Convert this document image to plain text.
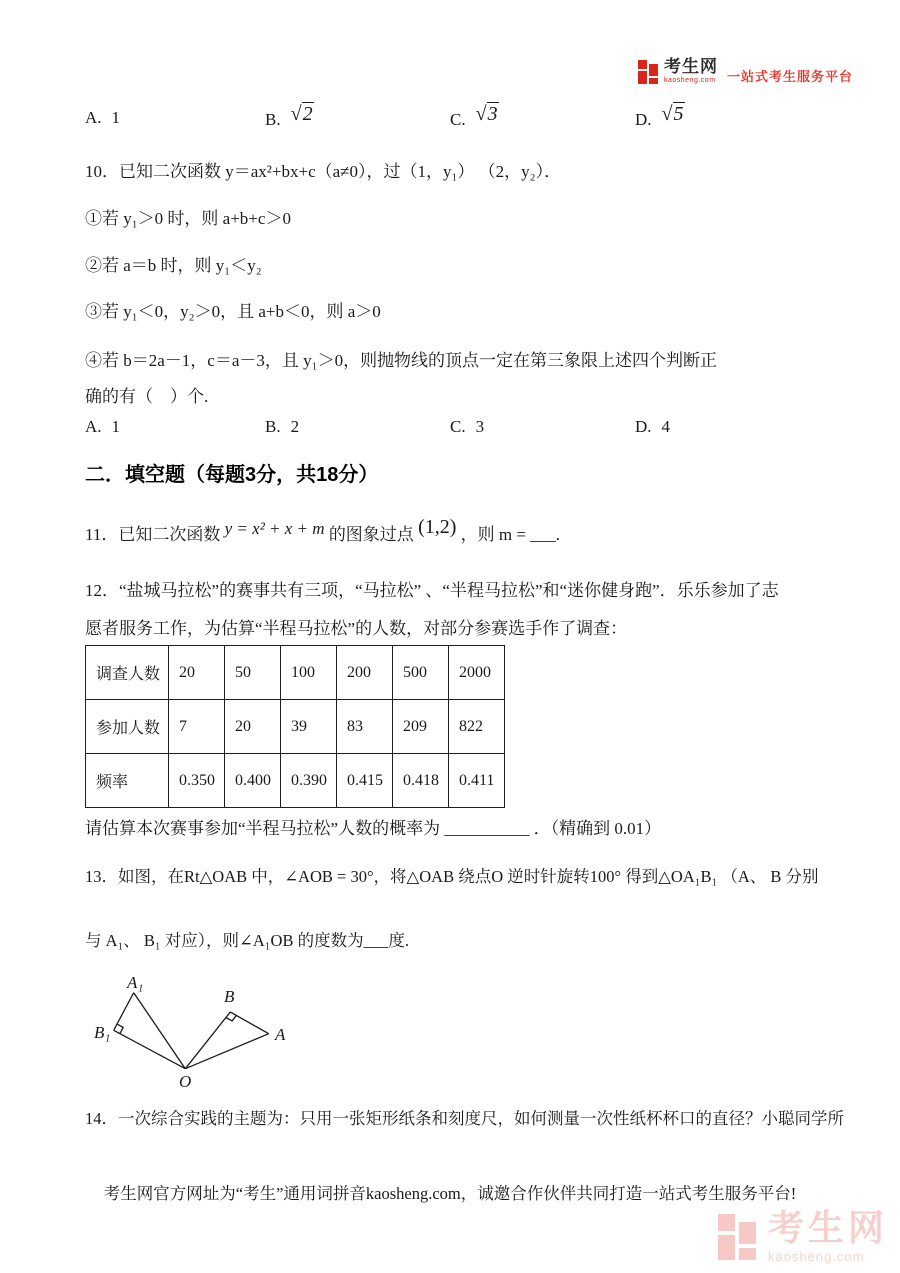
考生网
kaosheng.com 一站式考生服务平台
A. 1	B. √2	C. √3	D. √5
10．已知二次函数 y＝ax²+bx+c（a≠0），过（1，y₁） （2，y₂）．
①若 y₁＞0 时，则 a+b+c＞0
②若 a＝b 时，则 y₁＜y₂
③若 y₁＜0，y₂＞0，且 a+b＜0，则 a＞0
④若 b＝2a－1，c＝a－3，且 y₁＞0，则抛物线的顶点一定在第三象限上述四个判断正
确的有（　）个.
A. 1	B. 2	C. 3	D. 4
二．填空题（每题3分，共18分）
11．已知二次函数 y = x² + x + m 的图象过点 (1,2) ，则 m = ___.
12．“盐城马拉松”的赛事共有三项，“马拉松” 、“半程马拉松”和“迷你健身跑”．乐乐参加了志
愿者服务工作，为估算“半程马拉松”的人数，对部分参赛选手作了调查：
调查人数	20	50	100	200	500	2000
参加人数	7	20	39	83	209	822
频率	0.350	0.400	0.390	0.415	0.418	0.411
请估算本次赛事参加“半程马拉松”人数的概率为 __________ ．（精确到 0.01）
13．如图，在Rt△OAB 中，∠AOB = 30°，将△OAB 绕点O 逆时针旋转100° 得到△OA₁B₁ （A、 B 分别
与 A₁、 B₁ 对应），则∠A₁OB 的度数为___度.
A₁
B
B₁	A
O
14．一次综合实践的主题为：只用一张矩形纸条和刻度尺，如何测量一次性纸杯杯口的直径？小聪同学所
考生网官方网址为“考生”通用词拼音kaosheng.com，诚邀合作伙伴共同打造一站式考生服务平台!
考生网
kaosheng.com
